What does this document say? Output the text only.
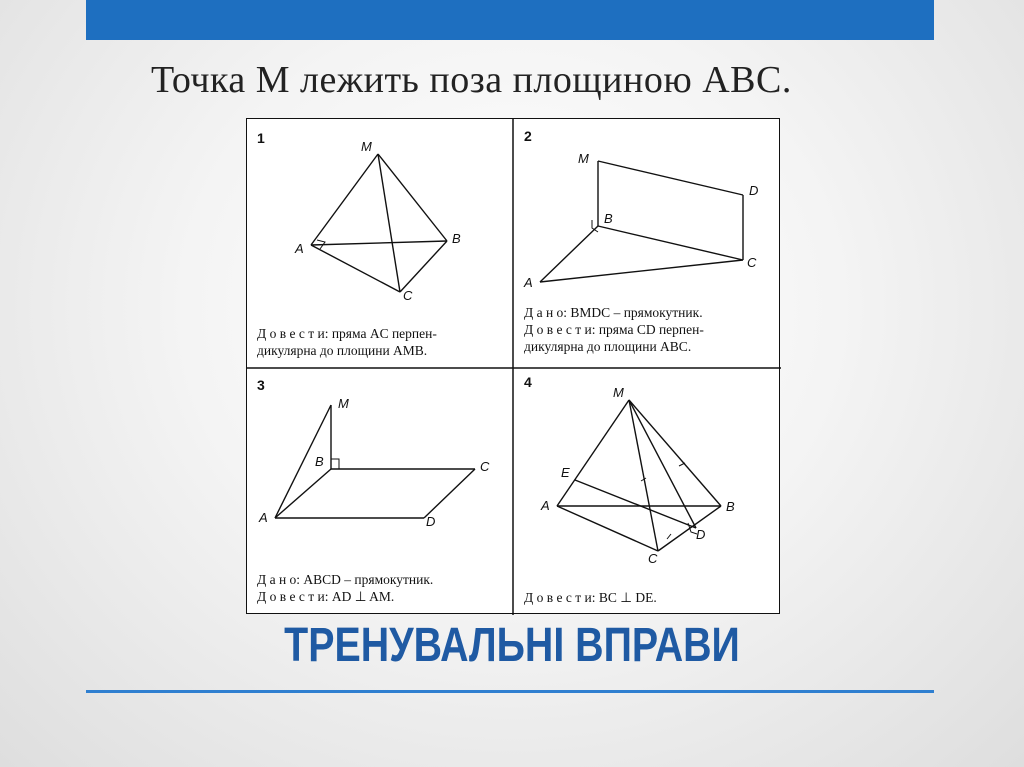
Точка М лежить поза площиною АВС.
1
M
A
B
C
2
M
D
B
A
C
3
M
B	C
A	D
4
M
E
A	B
D
C
Д о в е с т и: пряма AC перпен-
дикулярна до площини AMB.
Д а н о: BMDC – прямокутник.
Д о в е с т и: пряма CD перпен-
дикулярна до площини ABC.
Д а н о: ABCD – прямокутник.
Д о в е с т и: AD ⊥ AM.	Д о в е с т и: BC ⊥ DE.
ТРЕНУВАЛЬНІ ВПРАВИ
